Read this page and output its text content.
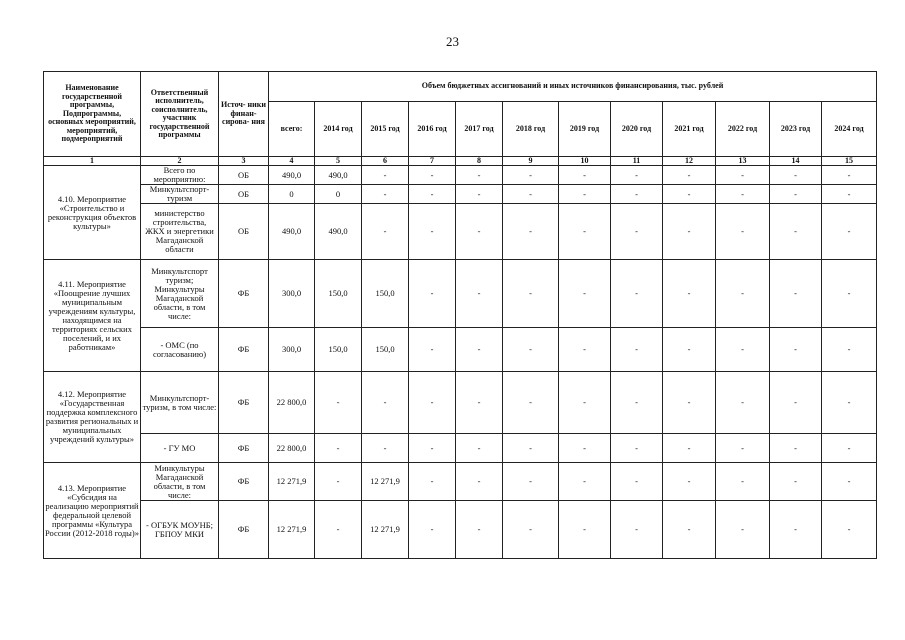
23
Наименование государственной программы, Подпрограммы, основных мероприятий, мероприятий, подмероприятий	Ответственный исполнитель, соисполнитель, участник государственной программы	Источ- ники финан- сирова- ния	Объем бюджетных ассигнований и иных источников финансирования, тыс. рублей											
			всего:	2014 год	2015 год	2016 год	2017 год	2018 год	2019 год	2020 год	2021 год	2022 год	2023 год	2024 год
1	2	3	4	5	6	7	8	9	10	11	12	13	14	15
4.10. Мероприятие «Строительство и реконструкция объектов культуры»	Всего по мероприятию:	ОБ	490,0	490,0	-	-	-	-	-	-	-	-	-	-
	Минкультспорт- туризм	ОБ	0	0	-	-	-	-	-	-	-	-	-	-
	министерство строительства, ЖКХ и энергетики Магаданской области	ОБ	490,0	490,0	-	-	-	-	-	-	-	-	-	-
4.11. Мероприятие «Поощрение лучших муниципальным учреждениям культуры, находящимся на территориях сельских поселений, и их работникам»	Минкультспорт туризм; Минкультуры Магаданской области, в том числе:	ФБ	300,0	150,0	150,0	-	-	-	-	-	-	-	-	-
	- ОМС (по согласованию)	ФБ	300,0	150,0	150,0	-	-	-	-	-	-	-	-	-
4.12. Мероприятие «Государственная поддержка комплексного развития региональных и муниципальных учреждений культуры»	Минкультспорт- туризм, в том числе:	ФБ	22 800,0	-	-	-	-	-	-	-	-	-	-	-
	- ГУ МО	ФБ	22 800,0	-	-	-	-	-	-	-	-	-	-	-
4.13. Мероприятие «Субсидия на реализацию мероприятий федеральной целевой программы «Культура России (2012-2018 годы)»	Минкультуры Магаданской области, в том числе:	ФБ	12 271,9	-	12 271,9	-	-	-	-	-	-	-	-	-
	- ОГБУК МОУНБ; ГБПОУ МКИ	ФБ	12 271,9	-	12 271,9	-	-	-	-	-	-	-	-	-
